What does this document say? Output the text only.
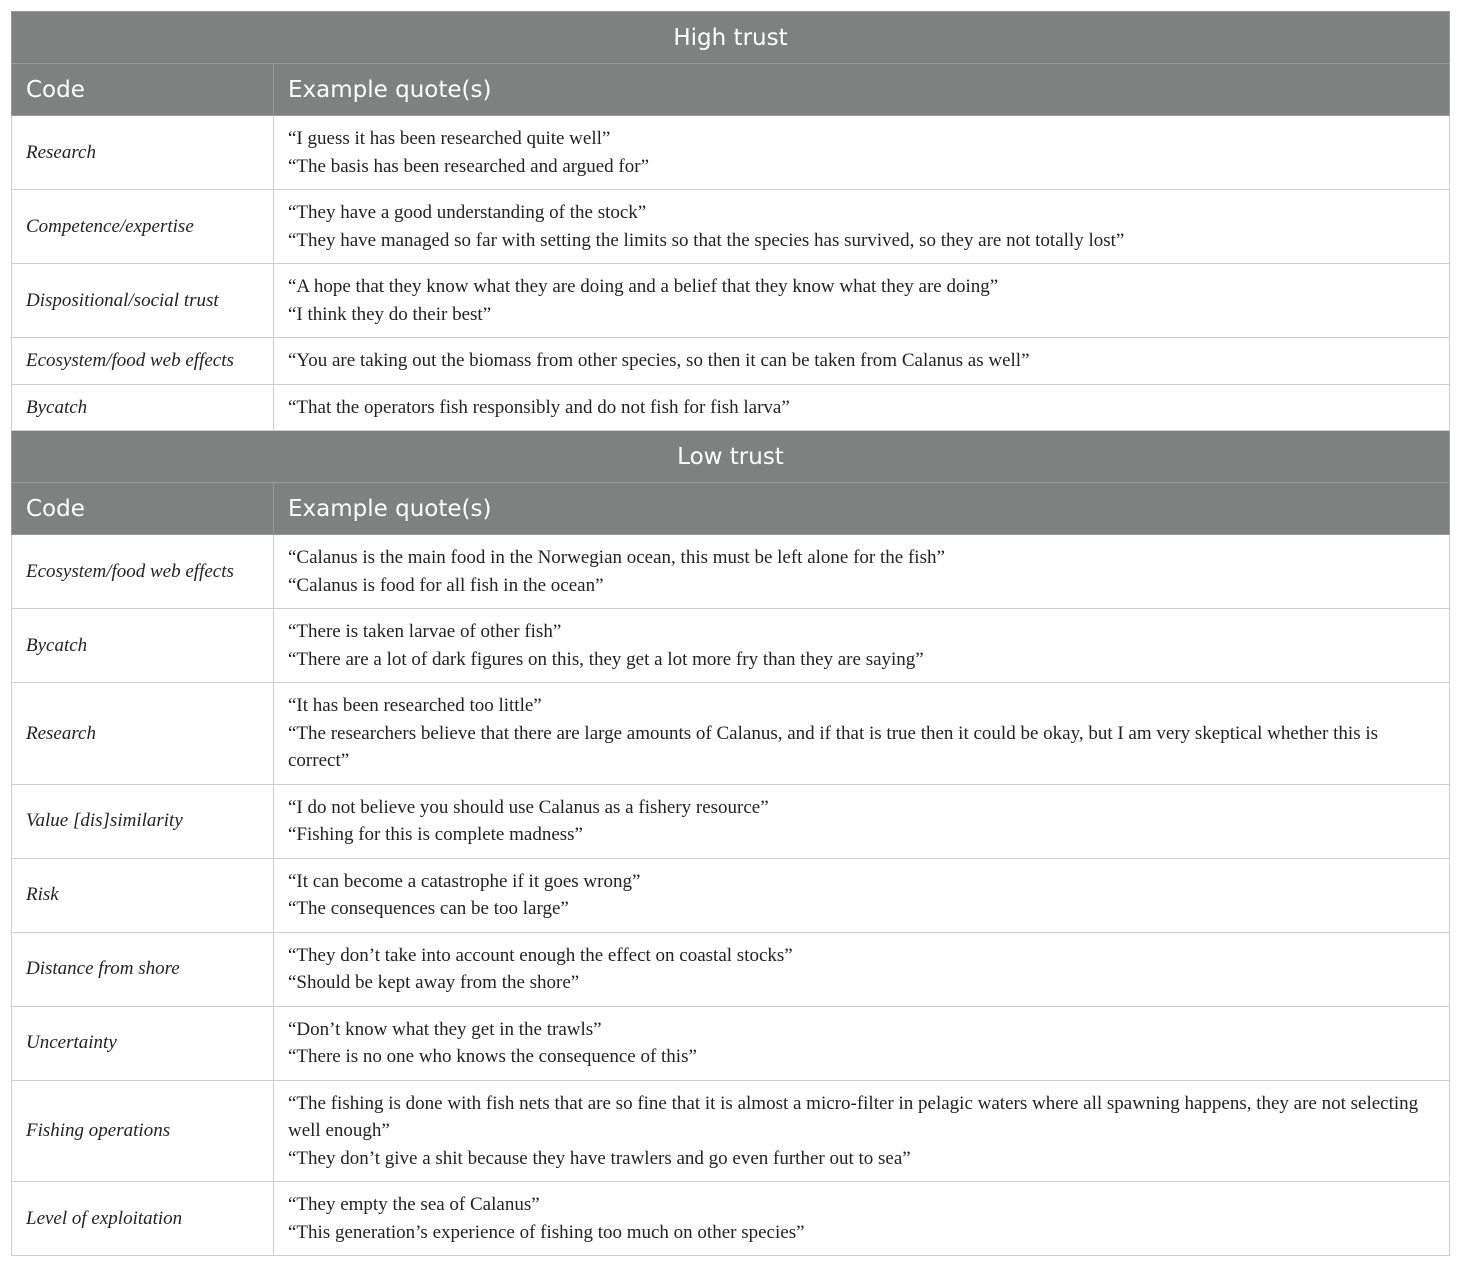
High trust	
Code	Example quote(s)
Research	“I guess it has been researched quite well”
“The basis has been researched and argued for”

Competence/expertise	“They have a good understanding of the stock”
“They have managed so far with setting the limits so that the species has survived, so they are not totally lost”

Dispositional/social trust	“A hope that they know what they are doing and a belief that they know what they are doing”
“I think they do their best”

Ecosystem/food web effects	“You are taking out the biomass from other species, so then it can be taken from Calanus as well”

Bycatch	“That the operators fish responsibly and do not fish for fish larva”

Low trust	
Code	Example quote(s)
Ecosystem/food web effects	“Calanus is the main food in the Norwegian ocean, this must be left alone for the fish”
“Calanus is food for all fish in the ocean”

Bycatch	“There is taken larvae of other fish”
“There are a lot of dark figures on this, they get a lot more fry than they are saying”

Research	“It has been researched too little”
“The researchers believe that there are large amounts of Calanus, and if that is true then it could be okay, but I am very skeptical whether this is correct”

Value [dis]similarity	“I do not believe you should use Calanus as a fishery resource”
“Fishing for this is complete madness”

Risk	“It can become a catastrophe if it goes wrong”
“The consequences can be too large”

Distance from shore	“They don’t take into account enough the effect on coastal stocks”
“Should be kept away from the shore”

Uncertainty	“Don’t know what they get in the trawls”
“There is no one who knows the consequence of this”

Fishing operations	“The fishing is done with fish nets that are so fine that it is almost a micro-filter in pelagic waters where all spawning happens, they are not selecting well enough”
“They don’t give a shit because they have trawlers and go even further out to sea”

Level of exploitation	“They empty the sea of Calanus”
“This generation’s experience of fishing too much on other species”
